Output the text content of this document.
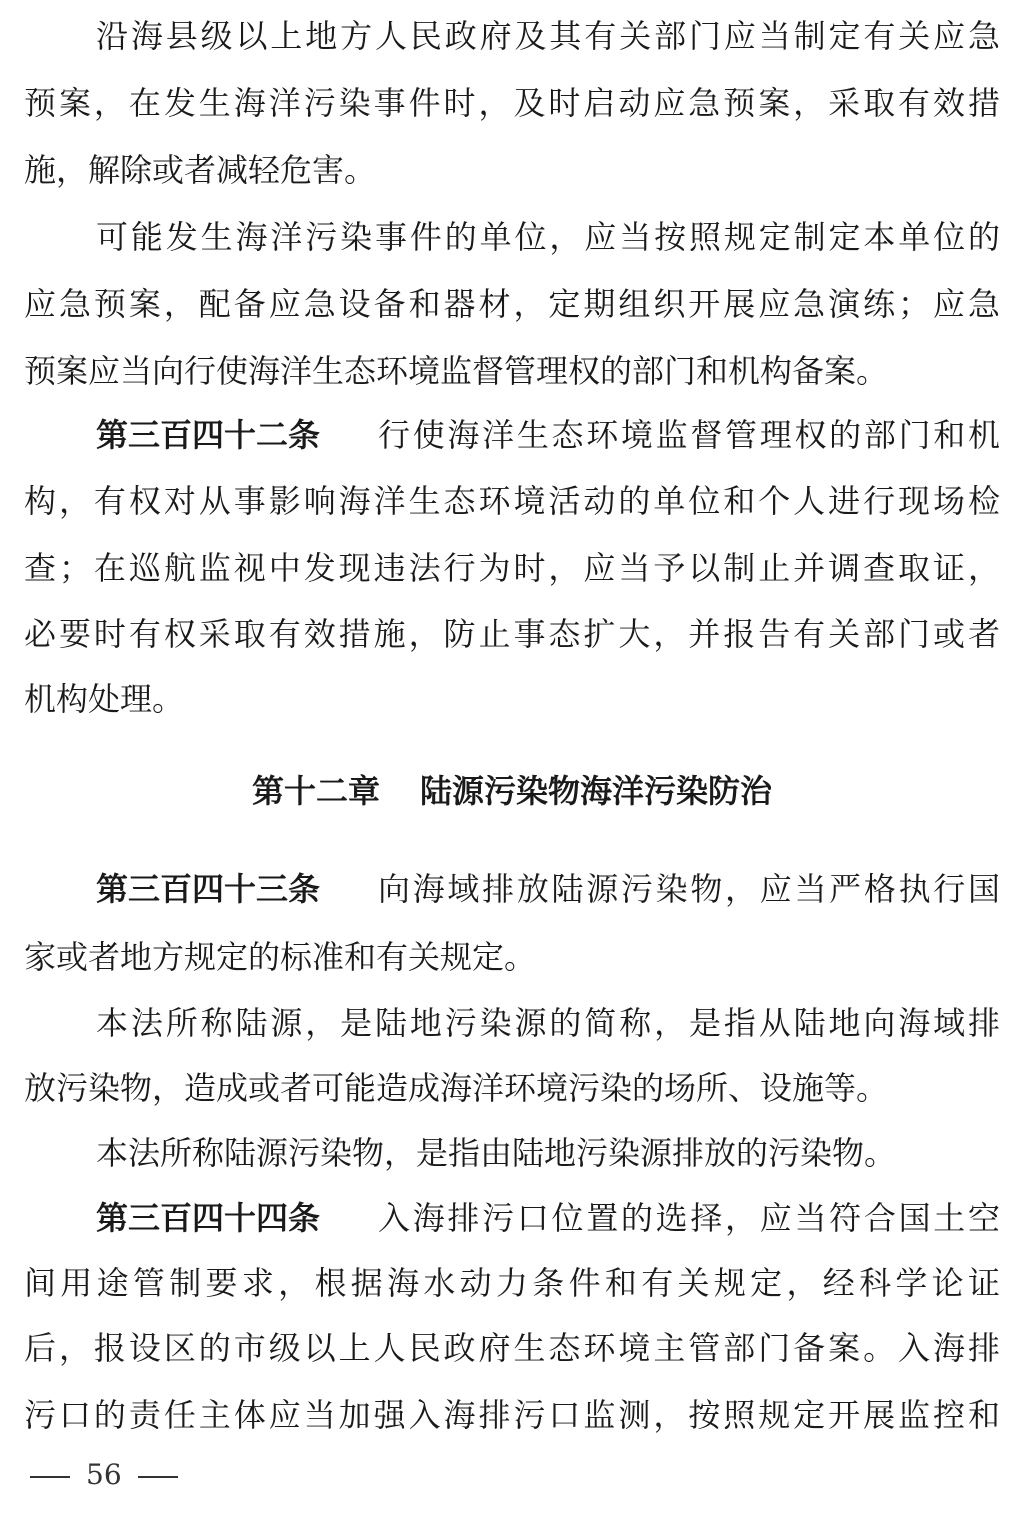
沿海县级以上地方人民政府及其有关部门应当制定有关应急
预案，在发生海洋污染事件时，及时启动应急预案，采取有效措
施，解除或者减轻危害。
可能发生海洋污染事件的单位，应当按照规定制定本单位的
应急预案，配备应急设备和器材，定期组织开展应急演练；应急
预案应当向行使海洋生态环境监督管理权的部门和机构备案。
第三百四十二条	行使海洋生态环境监督管理权的部门和机
构，有权对从事影响海洋生态环境活动的单位和个人进行现场检
查；在巡航监视中发现违法行为时，应当予以制止并调查取证，
必要时有权采取有效措施，防止事态扩大，并报告有关部门或者
机构处理。
第十二章 陆源污染物海洋污染防治
第三百四十三条	向海域排放陆源污染物，应当严格执行国
家或者地方规定的标准和有关规定。
本法所称陆源，是陆地污染源的简称，是指从陆地向海域排
放污染物，造成或者可能造成海洋环境污染的场所、设施等。
本法所称陆源污染物，是指由陆地污染源排放的污染物。
第三百四十四条	入海排污口位置的选择，应当符合国土空
间用途管制要求，根据海水动力条件和有关规定，经科学论证
后，报设区的市级以上人民政府生态环境主管部门备案。入海排
污口的责任主体应当加强入海排污口监测，按照规定开展监控和
56
